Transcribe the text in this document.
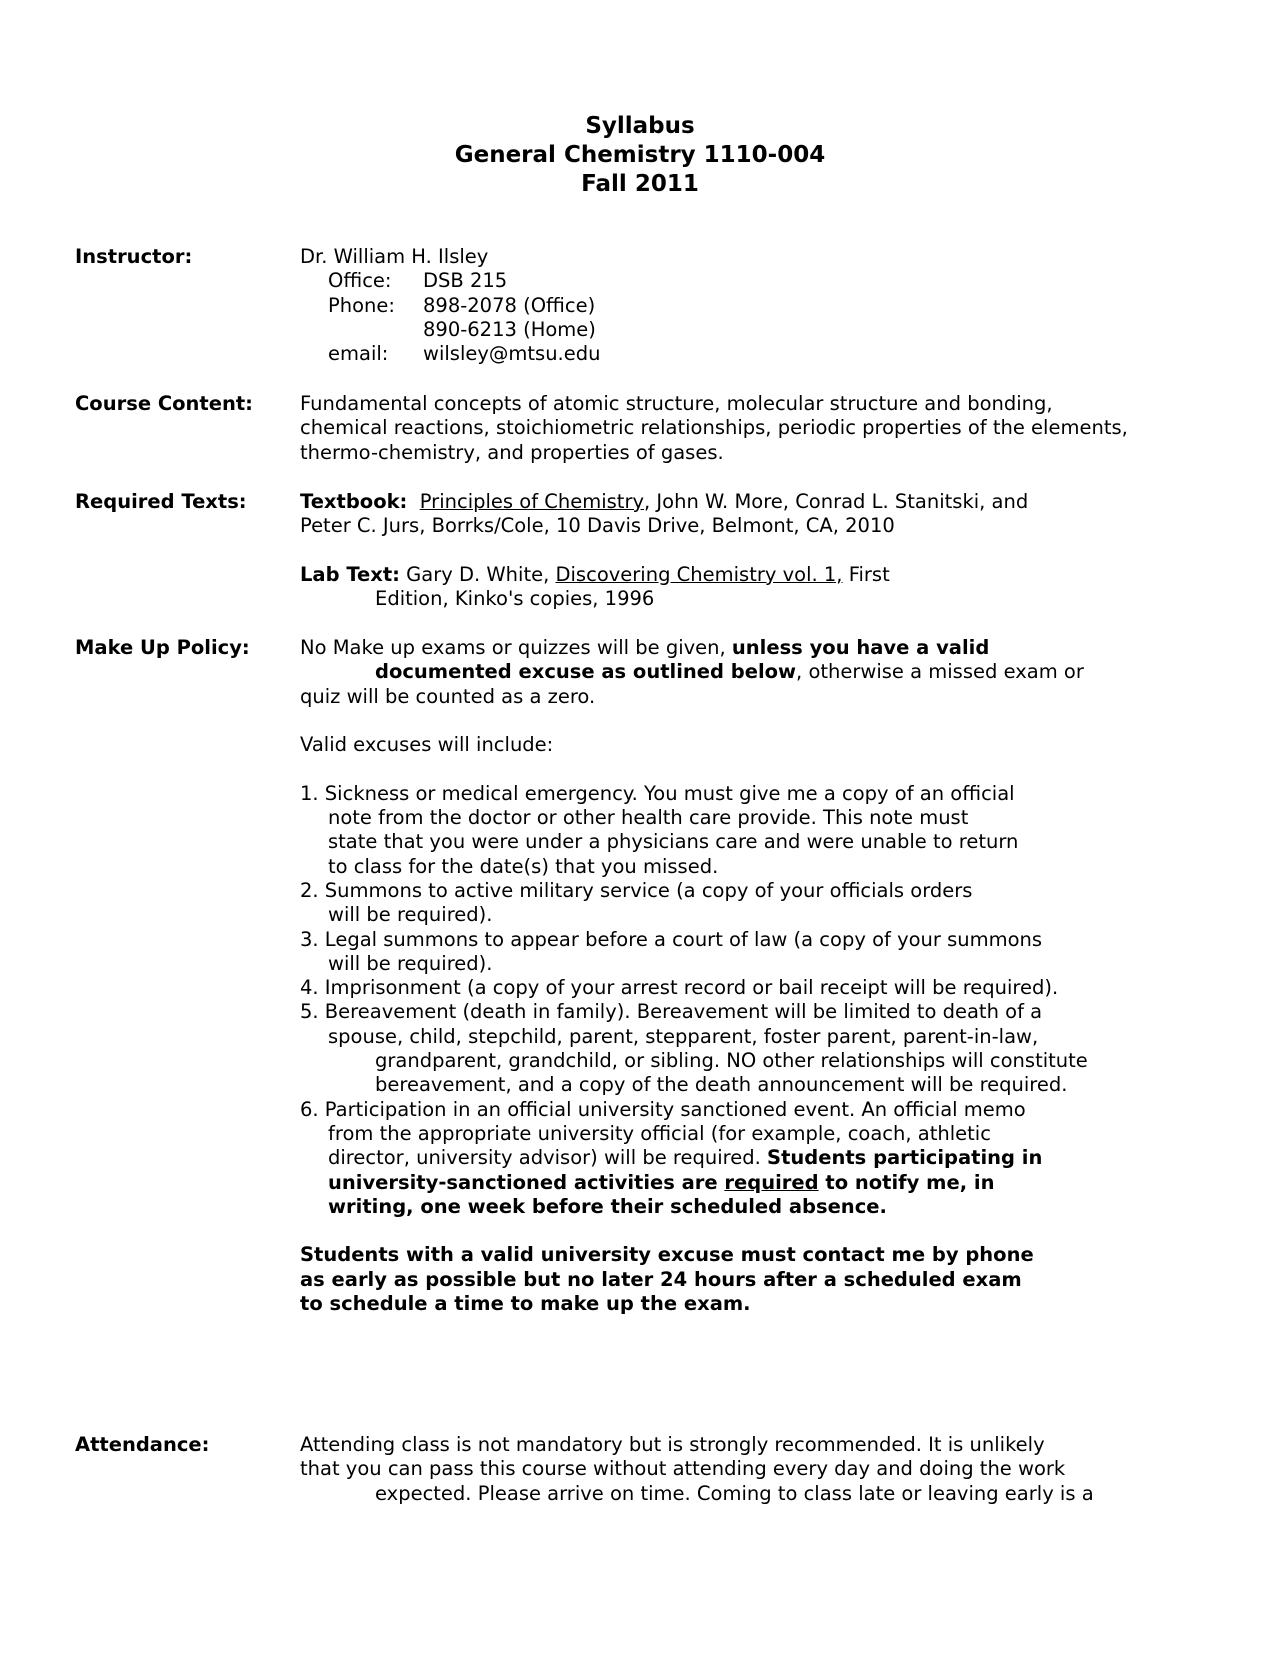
Syllabus
General Chemistry 1110-004
Fall 2011
Instructor:	Dr. William H. Ilsley
Office:	DSB 215
Phone:	898-2078 (Office)
890-6213 (Home)
email:	wilsley@mtsu.edu
Course Content: Fundamental concepts of atomic structure, molecular structure and bonding,
chemical reactions, stoichiometric relationships, periodic properties of the elements,
thermo-chemistry, and properties of gases.
Required Texts:	Textbook: Principles of Chemistry, John W. More, Conrad L. Stanitski, and
Peter C. Jurs, Borrks/Cole, 10 Davis Drive, Belmont, CA, 2010
Lab Text: Gary D. White, Discovering Chemistry vol. 1, First
Edition, Kinko's copies, 1996
Make Up Policy:	No Make up exams or quizzes will be given, unless you have a valid
documented excuse as outlined below, otherwise a missed exam or
quiz will be counted as a zero.
Valid excuses will include:
1. Sickness or medical emergency. You must give me a copy of an official
note from the doctor or other health care provide. This note must
state that you were under a physicians care and were unable to return
to class for the date(s) that you missed.
2. Summons to active military service (a copy of your officials orders
will be required).
3. Legal summons to appear before a court of law (a copy of your summons
will be required).
4. Imprisonment (a copy of your arrest record or bail receipt will be required).
5. Bereavement (death in family). Bereavement will be limited to death of a
spouse, child, stepchild, parent, stepparent, foster parent, parent-in-law,
grandparent, grandchild, or sibling. NO other relationships will constitute
bereavement, and a copy of the death announcement will be required.
6. Participation in an official university sanctioned event. An official memo
from the appropriate university official (for example, coach, athletic
director, university advisor) will be required. Students participating in
university-sanctioned activities are required to notify me, in
writing, one week before their scheduled absence.
Students with a valid university excuse must contact me by phone
as early as possible but no later 24 hours after a scheduled exam
to schedule a time to make up the exam.
Attendance:	Attending class is not mandatory but is strongly recommended. It is unlikely
that you can pass this course without attending every day and doing the work
expected. Please arrive on time. Coming to class late or leaving early is a
